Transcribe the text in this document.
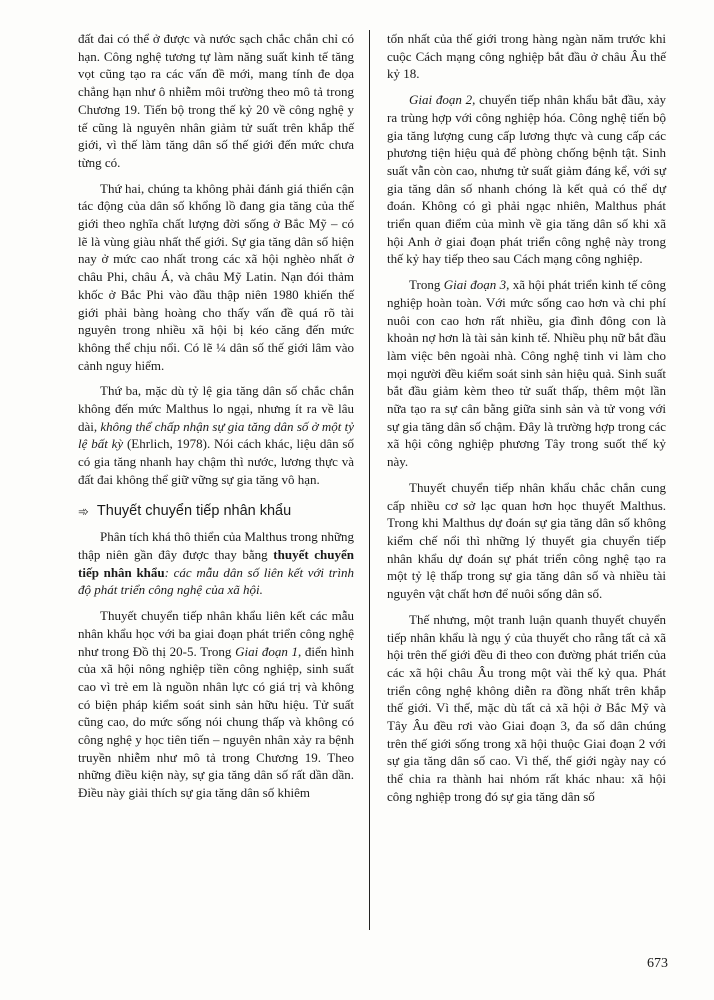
đất đai có thể ở được và nước sạch chắc chắn chỉ có hạn. Công nghệ tương tự làm năng suất kinh tế tăng vọt cũng tạo ra các vấn đề mới, mang tính đe dọa chẳng hạn như ô nhiễm môi trường theo mô tả trong Chương 19. Tiến bộ trong thế kỷ 20 về công nghệ y tế cũng là nguyên nhân giảm tử suất trên khắp thế giới, vì thế làm tăng dân số thế giới đến mức chưa từng có.

Thứ hai, chúng ta không phải đánh giá thiển cận tác động của dân số khổng lồ đang gia tăng của thế giới theo nghĩa chất lượng đời sống ở Bắc Mỹ – có lẽ là vùng giàu nhất thế giới. Sự gia tăng dân số hiện nay ở mức cao nhất trong các xã hội nghèo nhất ở châu Phi, châu Á, và châu Mỹ Latin. Nạn đói thảm khốc ở Bắc Phi vào đầu thập niên 1980 khiến thế giới phải bàng hoàng cho thấy vấn đề quá rõ tài nguyên trong nhiều xã hội bị kéo căng đến mức không thể chịu nổi. Có lẽ ¼ dân số thế giới lâm vào cảnh nguy hiểm.

Thứ ba, mặc dù tỷ lệ gia tăng dân số chắc chắn không đến mức Malthus lo ngại, nhưng ít ra về lâu dài, không thể chấp nhận sự gia tăng dân số ở một tỷ lệ bất kỳ (Ehrlich, 1978). Nói cách khác, liệu dân số có gia tăng nhanh hay chậm thì nước, lương thực và đất đai không thể giữ vững sự gia tăng vô hạn.

➾ Thuyết chuyển tiếp nhân khẩu

Phân tích khá thô thiển của Malthus trong những thập niên gần đây được thay bằng thuyết chuyển tiếp nhân khẩu: các mẫu dân số liên kết với trình độ phát triển công nghệ của xã hội.

Thuyết chuyển tiếp nhân khẩu liên kết các mẫu nhân khẩu học với ba giai đoạn phát triển công nghệ như trong Đồ thị 20-5. Trong Giai đoạn 1, điển hình của xã hội nông nghiệp tiền công nghiệp, sinh suất cao vì trẻ em là nguồn nhân lực có giá trị và không có biện pháp kiểm soát sinh sản hữu hiệu. Tử suất cũng cao, do mức sống nói chung thấp và không có công nghệ y học tiên tiến – nguyên nhân xảy ra bệnh truyền nhiễm như mô tả trong Chương 19. Theo những điều kiện này, sự gia tăng dân số rất dần dần. Điều này giải thích sự gia tăng dân số khiêm

tốn nhất của thế giới trong hàng ngàn năm trước khi cuộc Cách mạng công nghiệp bắt đầu ở châu Âu thế kỷ 18.

Giai đoạn 2, chuyển tiếp nhân khẩu bắt đầu, xảy ra trùng hợp với công nghiệp hóa. Công nghệ tiến bộ gia tăng lượng cung cấp lương thực và cung cấp các phương tiện hiệu quả để phòng chống bệnh tật. Sinh suất vẫn còn cao, nhưng tử suất giảm đáng kể, với sự gia tăng dân số nhanh chóng là kết quả có thể dự đoán. Không có gì phải ngạc nhiên, Malthus phát triển quan điểm của mình về gia tăng dân số khi xã hội Anh ở giai đoạn phát triển công nghệ này trong thế kỷ hay tiếp theo sau Cách mạng công nghiệp.

Trong Giai đoạn 3, xã hội phát triển kinh tế công nghiệp hoàn toàn. Với mức sống cao hơn và chi phí nuôi con cao hơn rất nhiều, gia đình đông con là khoản nợ hơn là tài sản kinh tế. Nhiều phụ nữ bắt đầu làm việc bên ngoài nhà. Công nghệ tinh vi làm cho mọi người đều kiểm soát sinh sản hiệu quả. Sinh suất bắt đầu giảm kèm theo tử suất thấp, thêm một lần nữa tạo ra sự cân bằng giữa sinh sản và tử vong với sự gia tăng dân số chậm. Đây là trường hợp trong các xã hội công nghiệp phương Tây trong suốt thế kỷ này.

Thuyết chuyển tiếp nhân khẩu chắc chắn cung cấp nhiều cơ sở lạc quan hơn học thuyết Malthus. Trong khi Malthus dự đoán sự gia tăng dân số không kiểm chế nổi thì những lý thuyết gia chuyển tiếp nhân khẩu dự đoán sự phát triển công nghệ tạo ra một tỷ lệ thấp trong sự gia tăng dân số và nhiều tài nguyên vật chất hơn để nuôi sống dân số.

Thế nhưng, một tranh luận quanh thuyết chuyển tiếp nhân khẩu là ngụ ý của thuyết cho rằng tất cả xã hội trên thế giới đều đi theo con đường phát triển của các xã hội châu Âu trong một vài thế kỷ qua. Phát triển công nghệ không diễn ra đồng nhất trên khắp thế giới. Vì thế, mặc dù tất cả xã hội ở Bắc Mỹ và Tây Âu đều rơi vào Giai đoạn 3, đa số dân chúng trên thế giới sống trong xã hội thuộc Giai đoạn 2 với sự gia tăng dân số cao. Vì thế, thế giới ngày nay có thể chia ra thành hai nhóm rất khác nhau: xã hội công nghiệp trong đó sự gia tăng dân số

673
